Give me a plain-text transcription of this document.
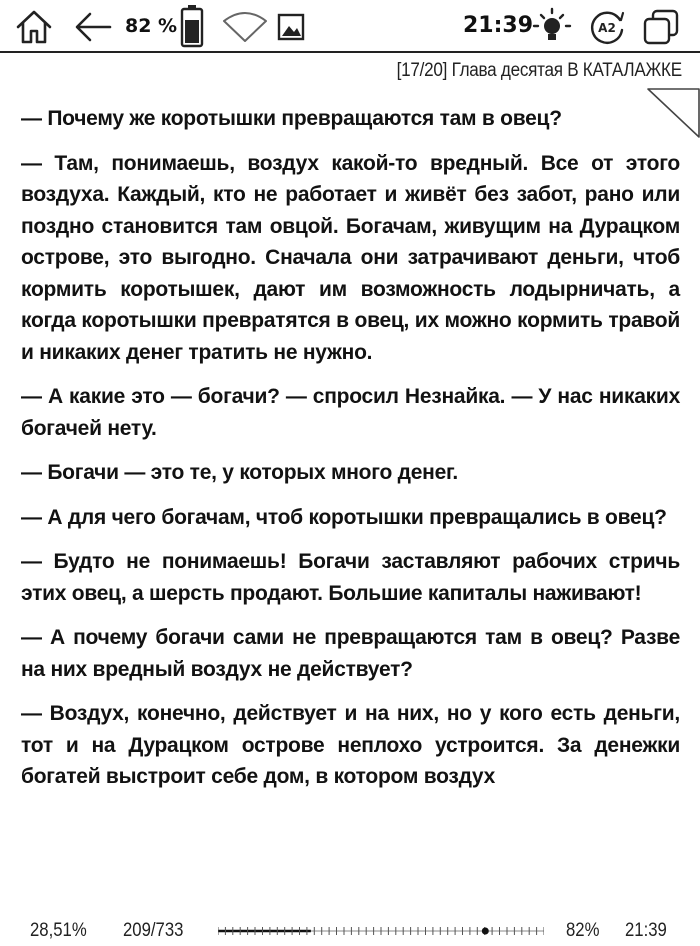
82 %	21:39	A2
[17/20] Глава десятая В КАТАЛАЖКЕ

— Почему же коротышки превращаются там в овец?

— Там, понимаешь, воздух какой-то вредный. Все от этого воздуха. Каждый, кто не работает и живёт без забот, рано или поздно становится там овцой. Богачам, живущим на Дурацком острове, это выгодно. Сначала они затрачивают деньги, чтоб кормить коротышек, дают им возможность лодырничать, а когда коротышки превратятся в овец, их можно кормить травой и никаких денег тратить не нужно.

— А какие это — богачи? — спросил Незнайка. — У нас никаких богачей нету.

— Богачи — это те, у которых много денег.

— А для чего богачам, чтоб коротышки превращались в овец?

— Будто не понимаешь! Богачи заставляют рабочих стричь этих овец, а шерсть продают. Большие капиталы наживают!

— А почему богачи сами не превращаются там в овец? Разве на них вредный воздух не действует?

— Воздух, конечно, действует и на них, но у кого есть деньги, тот и на Дурацком острове неплохо устроится. За денежки богатей выстроит себе дом, в котором воздух

28,51% 209/733	82% 21:39
